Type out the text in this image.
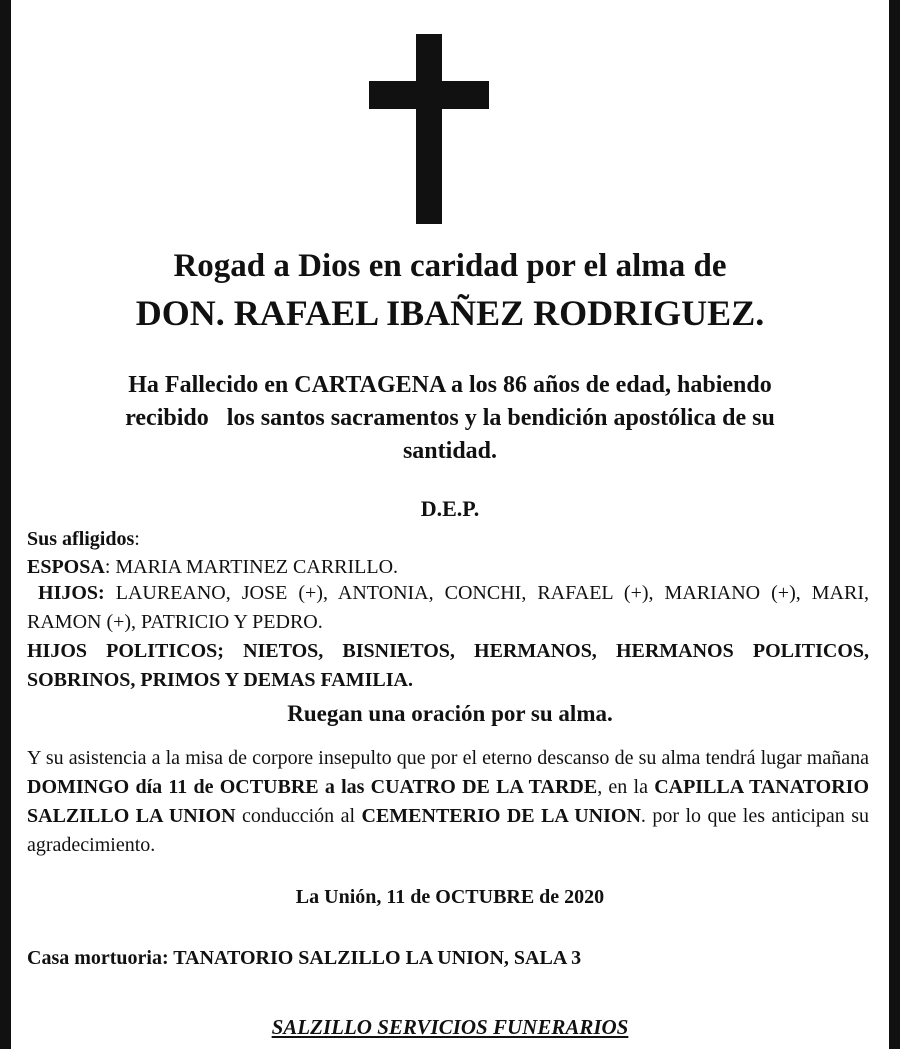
Rogad a Dios en caridad por el alma de
DON. RAFAEL IBAÑEZ RODRIGUEZ.
Ha Fallecido en CARTAGENA a los 86 años de edad, habiendo
recibido   los santos sacramentos y la bendición apostólica de su
santidad.
D.E.P.
Sus afligidos:
ESPOSA: MARIA MARTINEZ CARRILLO.
HIJOS: LAUREANO, JOSE (+), ANTONIA, CONCHI, RAFAEL (+), MARIANO (+), MARI, RAMON (+), PATRICIO Y PEDRO.
HIJOS POLITICOS; NIETOS, BISNIETOS, HERMANOS, HERMANOS POLITICOS, SOBRINOS, PRIMOS Y DEMAS FAMILIA.
Ruegan una oración por su alma.
Y su asistencia a la misa de corpore insepulto que por el eterno descanso de su alma tendrá lugar mañana DOMINGO día 11 de OCTUBRE a las CUATRO DE LA TARDE, en la CAPILLA TANATORIO SALZILLO LA UNION conducción al CEMENTERIO DE LA UNION. por lo que les anticipan su agradecimiento.
La Unión, 11 de OCTUBRE de 2020
Casa mortuoria: TANATORIO SALZILLO LA UNION, SALA 3
SALZILLO SERVICIOS FUNERARIOS
